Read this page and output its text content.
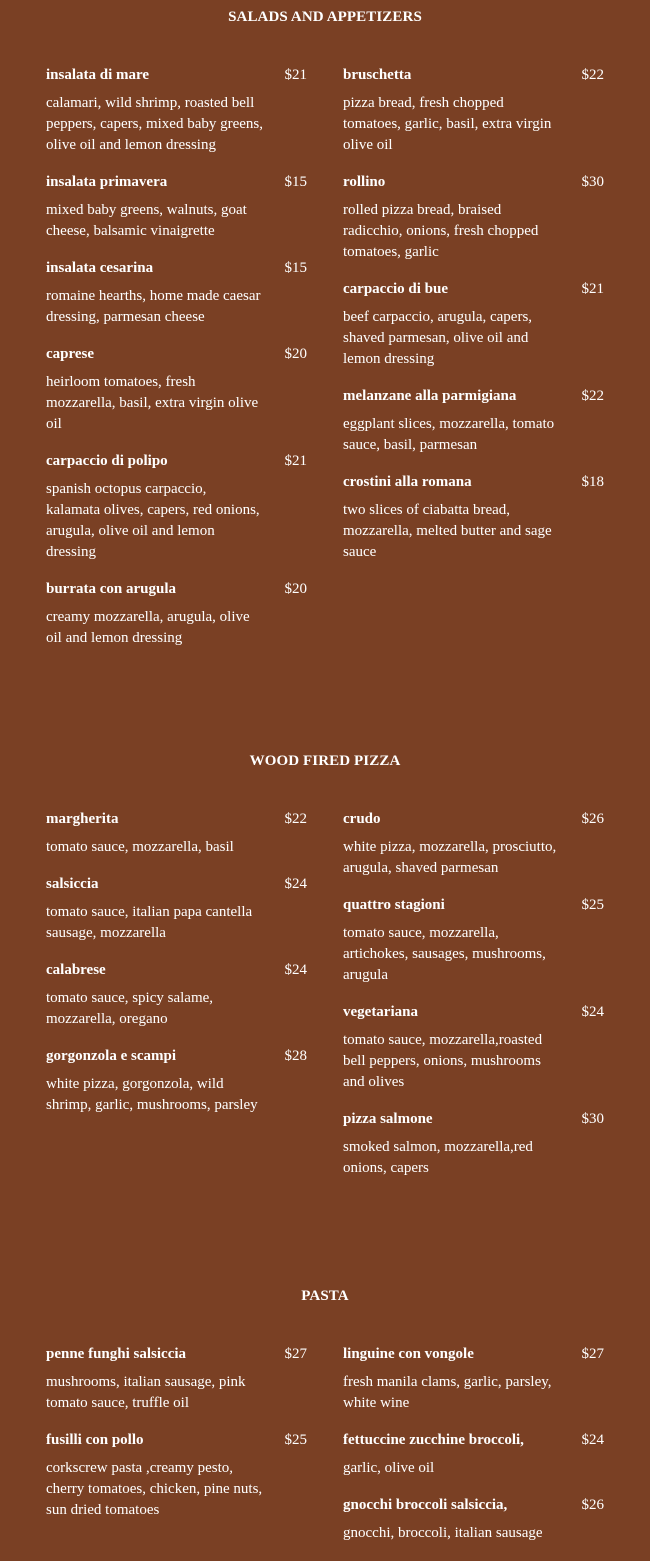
SALADS AND APPETIZERS
insalata di mare	$21
calamari, wild shrimp, roasted bell peppers, capers, mixed baby greens, olive oil and lemon dressing
insalata primavera	$15
mixed baby greens, walnuts, goat cheese, balsamic vinaigrette
insalata cesarina	$15
romaine hearths, home made caesar dressing, parmesan cheese
caprese	$20
heirloom tomatoes, fresh mozzarella, basil, extra virgin olive oil
carpaccio di polipo	$21
spanish octopus carpaccio, kalamata olives, capers, red onions, arugula, olive oil and lemon dressing
burrata con arugula	$20
creamy mozzarella, arugula, olive oil and lemon dressing
bruschetta	$22
pizza bread, fresh chopped tomatoes, garlic, basil, extra virgin olive oil
rollino	$30
rolled pizza bread, braised radicchio, onions, fresh chopped tomatoes, garlic
carpaccio di bue	$21
beef carpaccio, arugula, capers, shaved parmesan, olive oil and lemon dressing
melanzane alla parmigiana	$22
eggplant slices, mozzarella, tomato sauce, basil, parmesan
crostini alla romana	$18
two slices of ciabatta bread, mozzarella, melted butter and sage sauce
WOOD FIRED PIZZA
margherita	$22
tomato sauce, mozzarella, basil
salsiccia	$24
tomato sauce, italian papa cantella sausage, mozzarella
calabrese	$24
tomato sauce, spicy salame, mozzarella, oregano
gorgonzola e scampi	$28
white pizza, gorgonzola, wild shrimp, garlic, mushrooms, parsley
crudo	$26
white pizza, mozzarella, prosciutto, arugula, shaved parmesan
quattro stagioni	$25
tomato sauce, mozzarella, artichokes, sausages, mushrooms, arugula
vegetariana	$24
tomato sauce, mozzarella,roasted bell peppers, onions, mushrooms and olives
pizza salmone	$30
smoked salmon, mozzarella,red onions, capers
PASTA
penne funghi salsiccia	$27
mushrooms, italian sausage, pink tomato sauce, truffle oil
fusilli con pollo	$25
corkscrew pasta ,creamy pesto, cherry tomatoes, chicken, pine nuts, sun dried tomatoes
linguine con vongole	$27
fresh manila clams, garlic, parsley, white wine
fettuccine zucchine broccoli,	$24
garlic, olive oil
gnocchi broccoli salsiccia,	$26
gnocchi, broccoli, italian sausage
